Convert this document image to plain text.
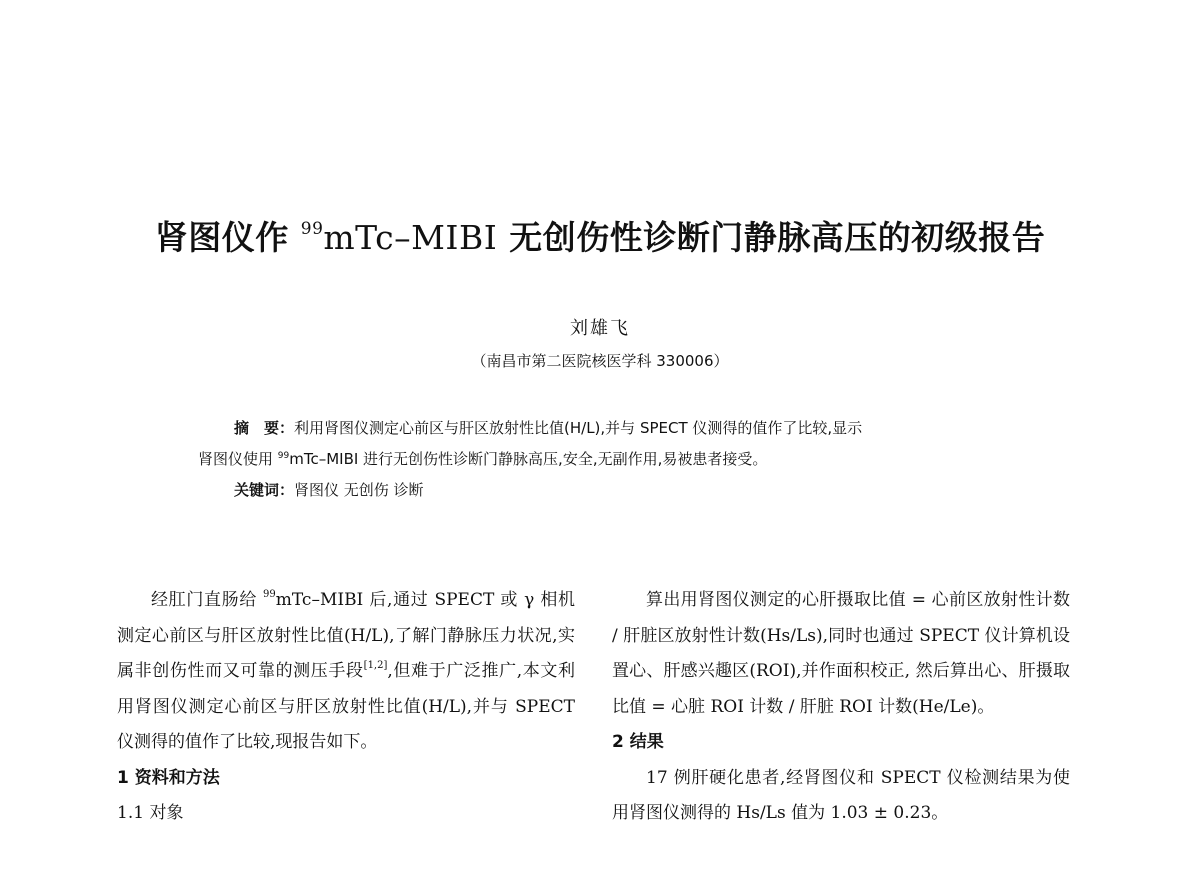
肾图仪作 $^{99}$mTc–MIBI 无创伤性诊断门静脉高压的初级报告
刘雄飞
（南昌市第二医院核医学科 330006）
摘　要：利用肾图仪测定心前区与肝区放射性比值(H/L),并与 SPECT 仪测得的值作了比较,显示
肾图仪使用 $^{99}$mTc–MIBI 进行无创伤性诊断门静脉高压,安全,无副作用,易被患者接受。
关键词：肾图仪 无创伤 诊断

经肛门直肠给 $^{99}$mTc–MIBI 后,通过 SPECT 或 γ 相机测定心前区与肝区放射性比值(H/L),了解门静脉压力状况,实属非创伤性而又可靠的测压手段[1,2],但难于广泛推广,本文利用肾图仪测定心前区与肝区放射性比值(H/L),并与 SPECT 仪测得的值作了比较,现报告如下。

1 资料和方法

1.1 对象

算出用肾图仪测定的心肝摄取比值 = 心前区放射性计数 / 肝脏区放射性计数(Hs/Ls),同时也通过 SPECT 仪计算机设置心、肝感兴趣区(ROI),并作面积校正, 然后算出心、肝摄取比值 = 心脏 ROI 计数 / 肝脏 ROI 计数(He/Le)。

2 结果

17 例肝硬化患者,经肾图仪和 SPECT 仪检测结果为使用肾图仪测得的 Hs/Ls 值为 1.03 ± 0.23。
